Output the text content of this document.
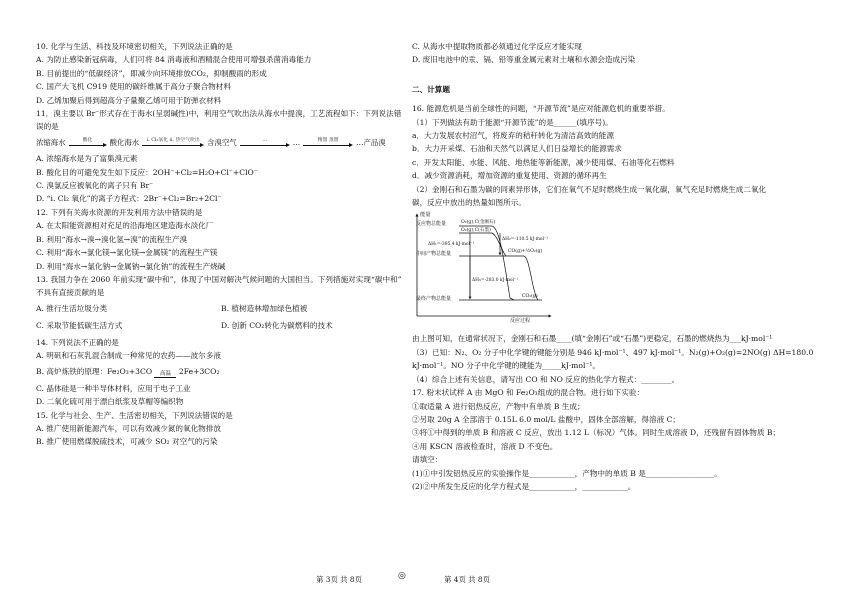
10. 化学与生活、科技及环境密切相关，下列说法正确的是
A. 为防止感染新冠病毒，人们可将 84 消毒液和酒精混合使用可增强杀菌消毒能力
B. 目前提出的“低碳经济”，即减少向环境排放CO₂，抑制酸雨的形成
C. 国产大飞机 C919 使用的碳纤维属于高分子聚合物材料
D. 乙烯加聚后得到超高分子量聚乙烯可用于防弹衣材料
11．溴主要以 Br⁻形式存在于海水(呈弱碱性)中，利用空气吹出法从海水中提溴，工艺流程如下：下列说法错
误的是
浓缩海水	酸化 酸化海水 i. Cl₂氧化 ii. 热空气吹出 含溴空气	…	…	精馏 蒸馏 …产品溴
A. 浓缩海水是为了富集溴元素
B. 酸化目的可避免发生如下反应：2OH⁻+Cl₂=H₂O+Cl⁻+ClO⁻
C. 溴氯反应被氧化的离子只有 Br⁻
D. “i. Cl₂ 氧化”的离子方程式：2Br⁻+Cl₂=Br₂+2Cl⁻
12. 下列有关海水资源的开发利用方法中错误的是
A. 在太阳能资源相对充足的沿海地区建造海水淡化厂
B. 利用“海水→溴→溴化氢→溴”的流程生产溴
C. 利用“海水→氯化镁→氯化镁→金属镁”的流程生产镁
D. 利用“海水→氯化钠→金属钠→氯化钠”的流程生产烧碱
13. 我国力争在 2060 年前实现“碳中和”，体现了中国对解决气候问题的大国担当。下列措施对实现“碳中和”
不具有直接贡献的是
A. 推行生活垃圾分类	B. 植树造林增加绿色植被
C. 采取节能低碳生活方式	D. 创新 CO₂转化为碳燃料的技术
14. 下列说法不正确的是
A. 明矾和石灰乳混合制成一种常见的农药——波尔多液
B. 高炉炼铁的原理：Fe₂O₃+3CO 高温 2Fe+3CO₂
C. 晶体硅是一种半导体材料，应用于电子工业
D. 二氧化硫可用于漂白纸浆及草帽等编织物
15. 化学与社会、生产、生活密切相关，下列说法错误的是
A. 推广使用新能源汽车，可以有效减少氮的氧化物排放
B. 推广使用燃煤脱硫技术，可减少 SO₂ 对空气的污染
C. 从海水中提取物质都必须通过化学反应才能实现
D. 废旧电池中的汞、镉、铅等重金属元素对土壤和水源会造成污染
二、计算题
16. 能源危机是当前全球性的问题，“开源节流”是应对能源危机的重要举措。
（1）下列做法有助于能源“开源节流”的是______(填序号)。
a．大力发展农村沼气，将废弃的秸秆转化为清洁高效的能源
b．大力开采煤、石油和天然气以满足人们日益增长的能源需求
c．开发太阳能、水能、风能、地热能等新能源，减少使用煤、石油等化石燃料
d．减少资源消耗，增加资源的重复使用、资源的循环再生
（2）金刚石和石墨为碳的同素异形体，它们在氧气不足时燃烧生成一氧化碳，氧气充足时燃烧生成二氧化
碳，反应中放出的热量如图所示。
能量
反应物总能量
中间产物总能量
最终产物总能量
反应过程
O₂(g),C(金刚石)
O₂(g),C(石墨)
CO(g)+½O₂(g)
CO₂(g)
ΔH₁=-395.4 kJ·mol⁻¹
ΔH₂=-110.5 kJ·mol⁻¹
ΔH₃=-283.0 kJ·mol⁻¹
由上图可知，在通常状况下，金刚石和石墨____(填“金刚石”或“石墨”)更稳定，石墨的燃烧热为___kJ·mol⁻¹
（3）已知：N₂、O₂ 分子中化学键的键能分别是 946 kJ·mol⁻¹、497 kJ·mol⁻¹。N₂(g)+O₂(g)=2NO(g) ΔH=180.0
kJ·mol⁻¹。NO 分子中化学键的键能为_____kJ·mol⁻¹。
（4）综合上述有关信息，请写出 CO 和 NO 反应的热化学方程式：________。
17. 粉末状试样 A 由 MgO 和 Fe₂O₃组成的混合物。进行如下实验：
①取适量 A 进行铝热反应，产物中有单质 B 生成；
②另取 20g A 全部溶于 0.15L 6.0 mol/L 盐酸中，固体全部溶解，得溶液 C；
③将①中得到的单质 B 和溶液 C 反应，放出 1.12 L（标况）气体。同时生成溶液 D，还残留有固体物质 B；
④用 KSCN 溶液检查时，溶液 D 不变色。
请填空：
(1)①中引发铝热反应的实验操作是____________，产物中的单质 B 是__________________。
(2)②中所发生反应的化学方程式是____________，____________。
第 3页 共 8页	◎	第 4页 共 8页
